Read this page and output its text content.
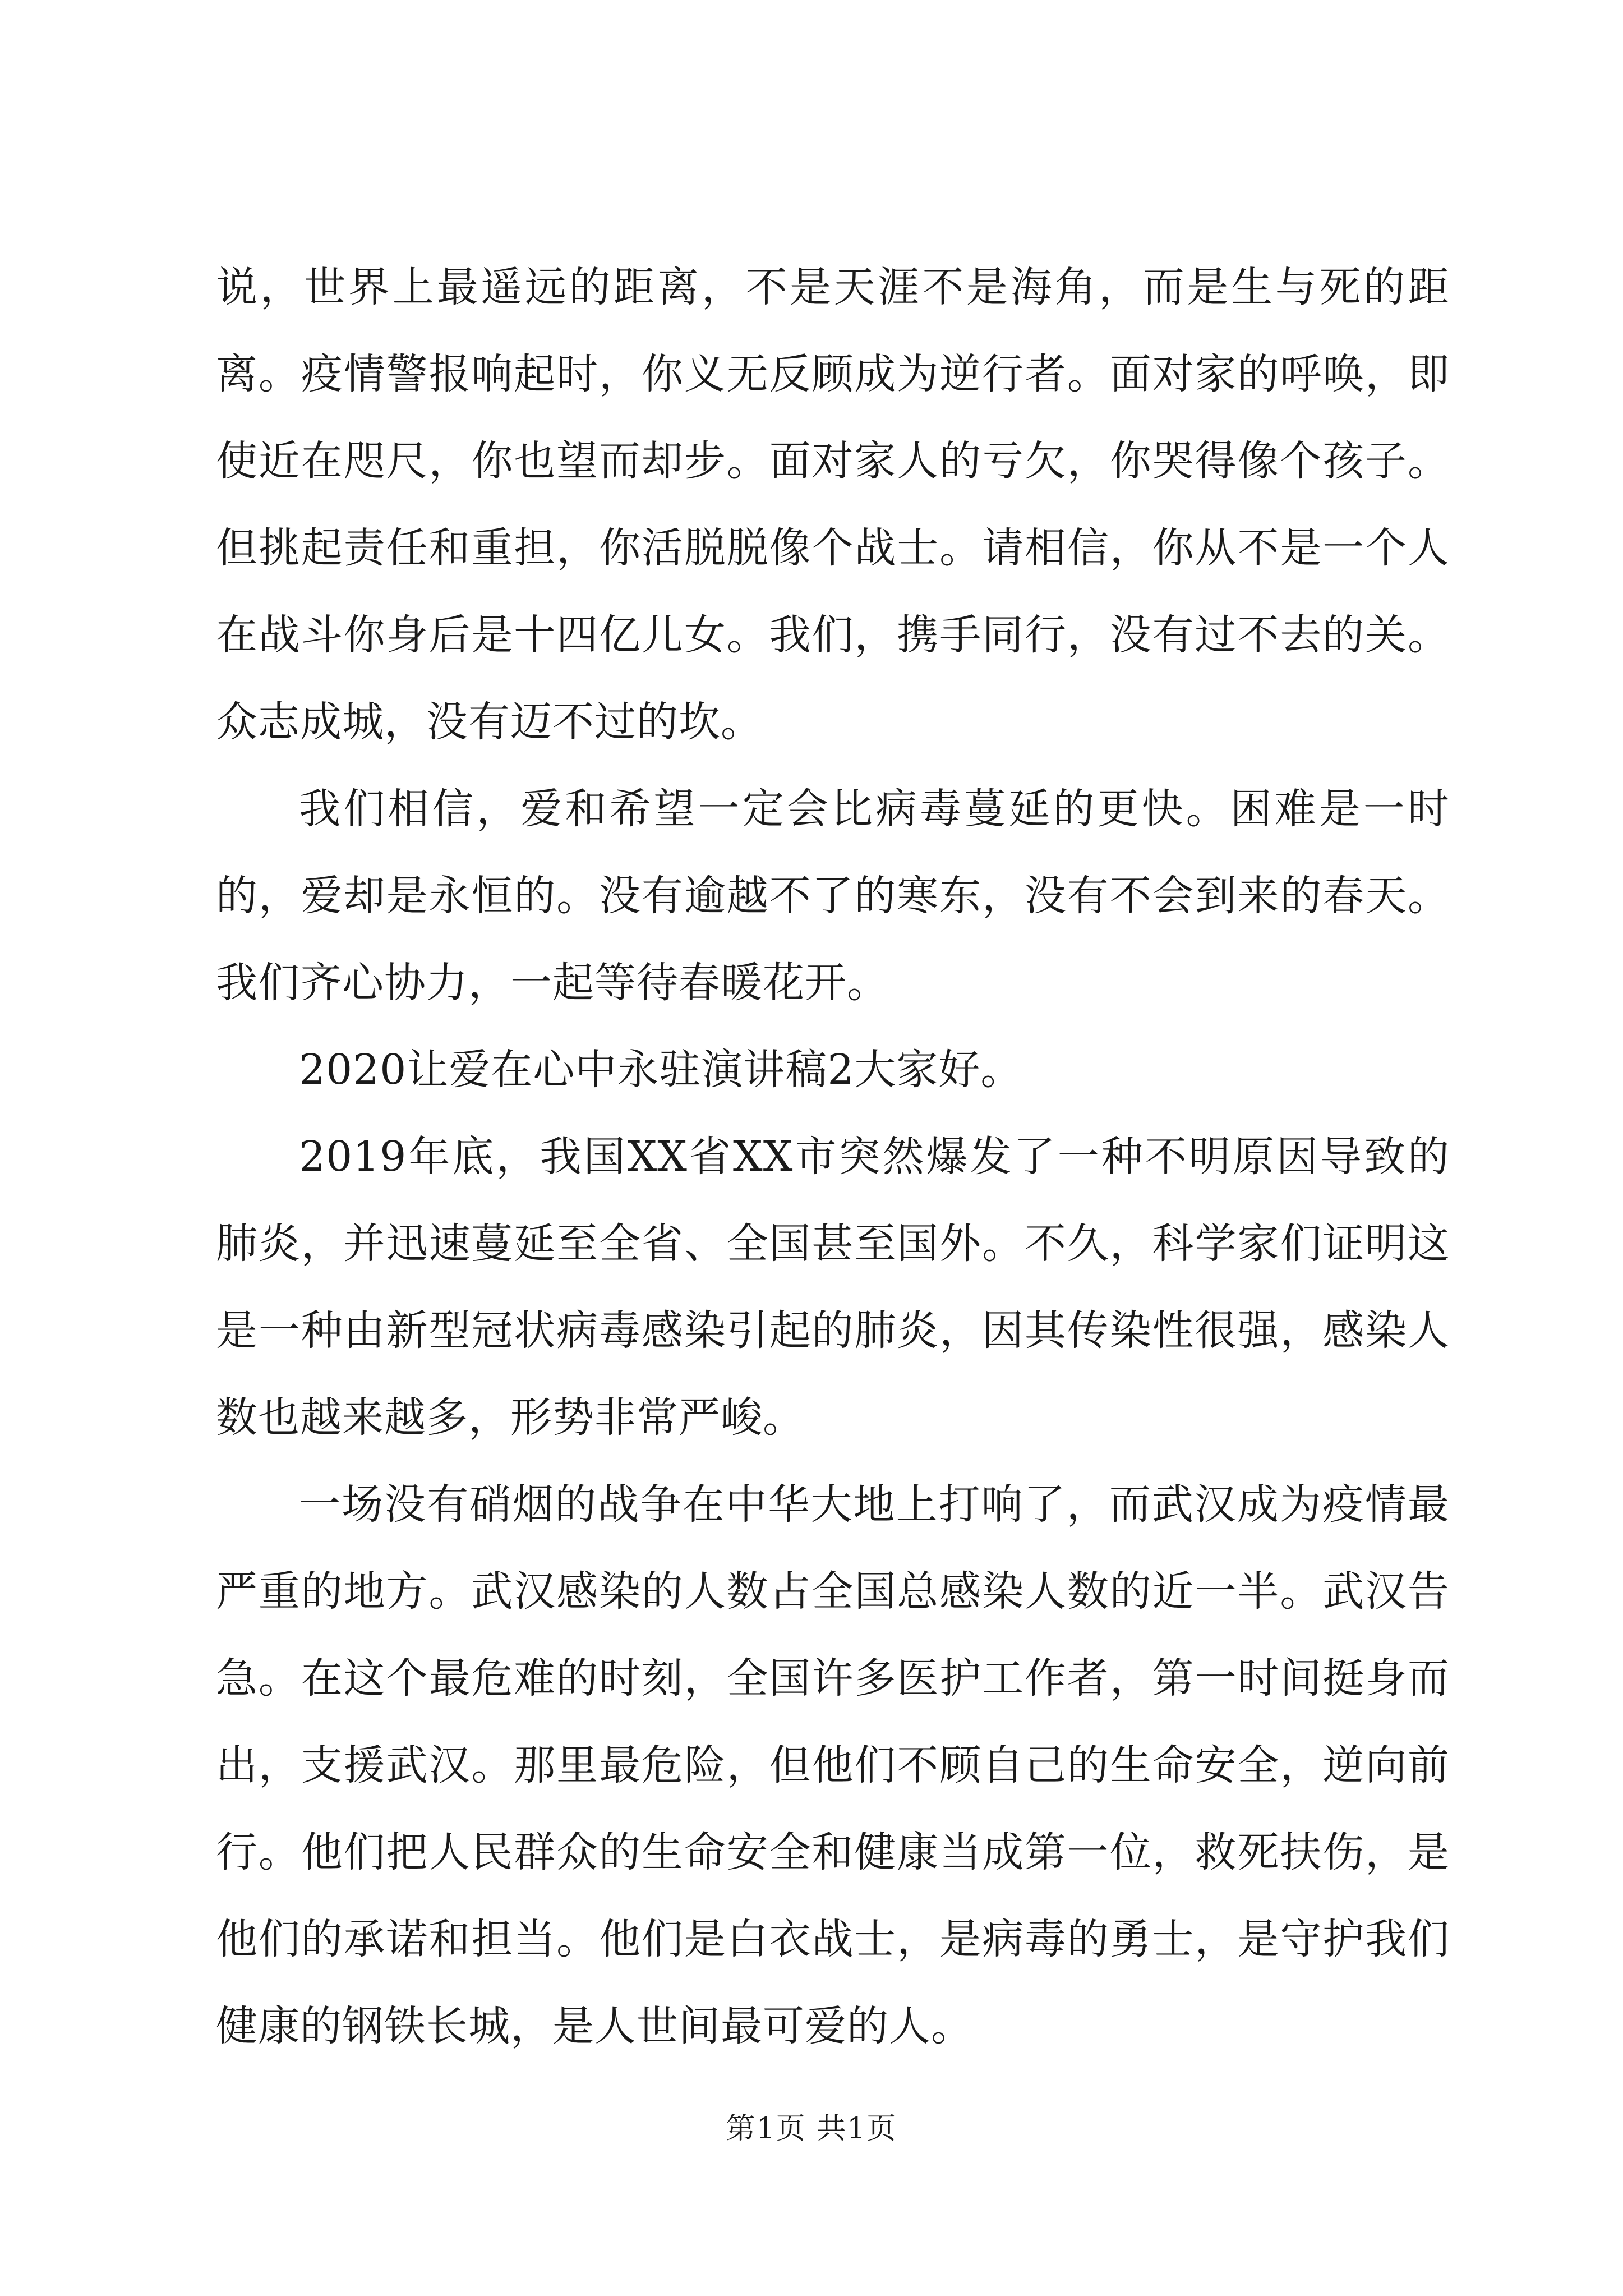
说，世界上最遥远的距离，不是天涯不是海角，而是生与死的距离。疫情警报响起时，你义无反顾成为逆行者。面对家的呼唤，即使近在咫尺，你也望而却步。面对家人的亏欠，你哭得像个孩子。但挑起责任和重担，你活脱脱像个战士。请相信，你从不是一个人在战斗你身后是十四亿儿女。我们，携手同行，没有过不去的关。众志成城，没有迈不过的坎。

我们相信，爱和希望一定会比病毒蔓延的更快。困难是一时的，爱却是永恒的。没有逾越不了的寒东，没有不会到来的春天。我们齐心协力，一起等待春暖花开。

2020让爱在心中永驻演讲稿2大家好。

2019年底，我国XX省XX市突然爆发了一种不明原因导致的肺炎，并迅速蔓延至全省、全国甚至国外。不久，科学家们证明这是一种由新型冠状病毒感染引起的肺炎，因其传染性很强，感染人数也越来越多，形势非常严峻。

一场没有硝烟的战争在中华大地上打响了，而武汉成为疫情最严重的地方。武汉感染的人数占全国总感染人数的近一半。武汉告急。在这个最危难的时刻，全国许多医护工作者，第一时间挺身而出，支援武汉。那里最危险，但他们不顾自己的生命安全，逆向前行。他们把人民群众的生命安全和健康当成第一位，救死扶伤，是他们的承诺和担当。他们是白衣战士，是病毒的勇士，是守护我们健康的钢铁长城，是人世间最可爱的人。

第1页 共1页
